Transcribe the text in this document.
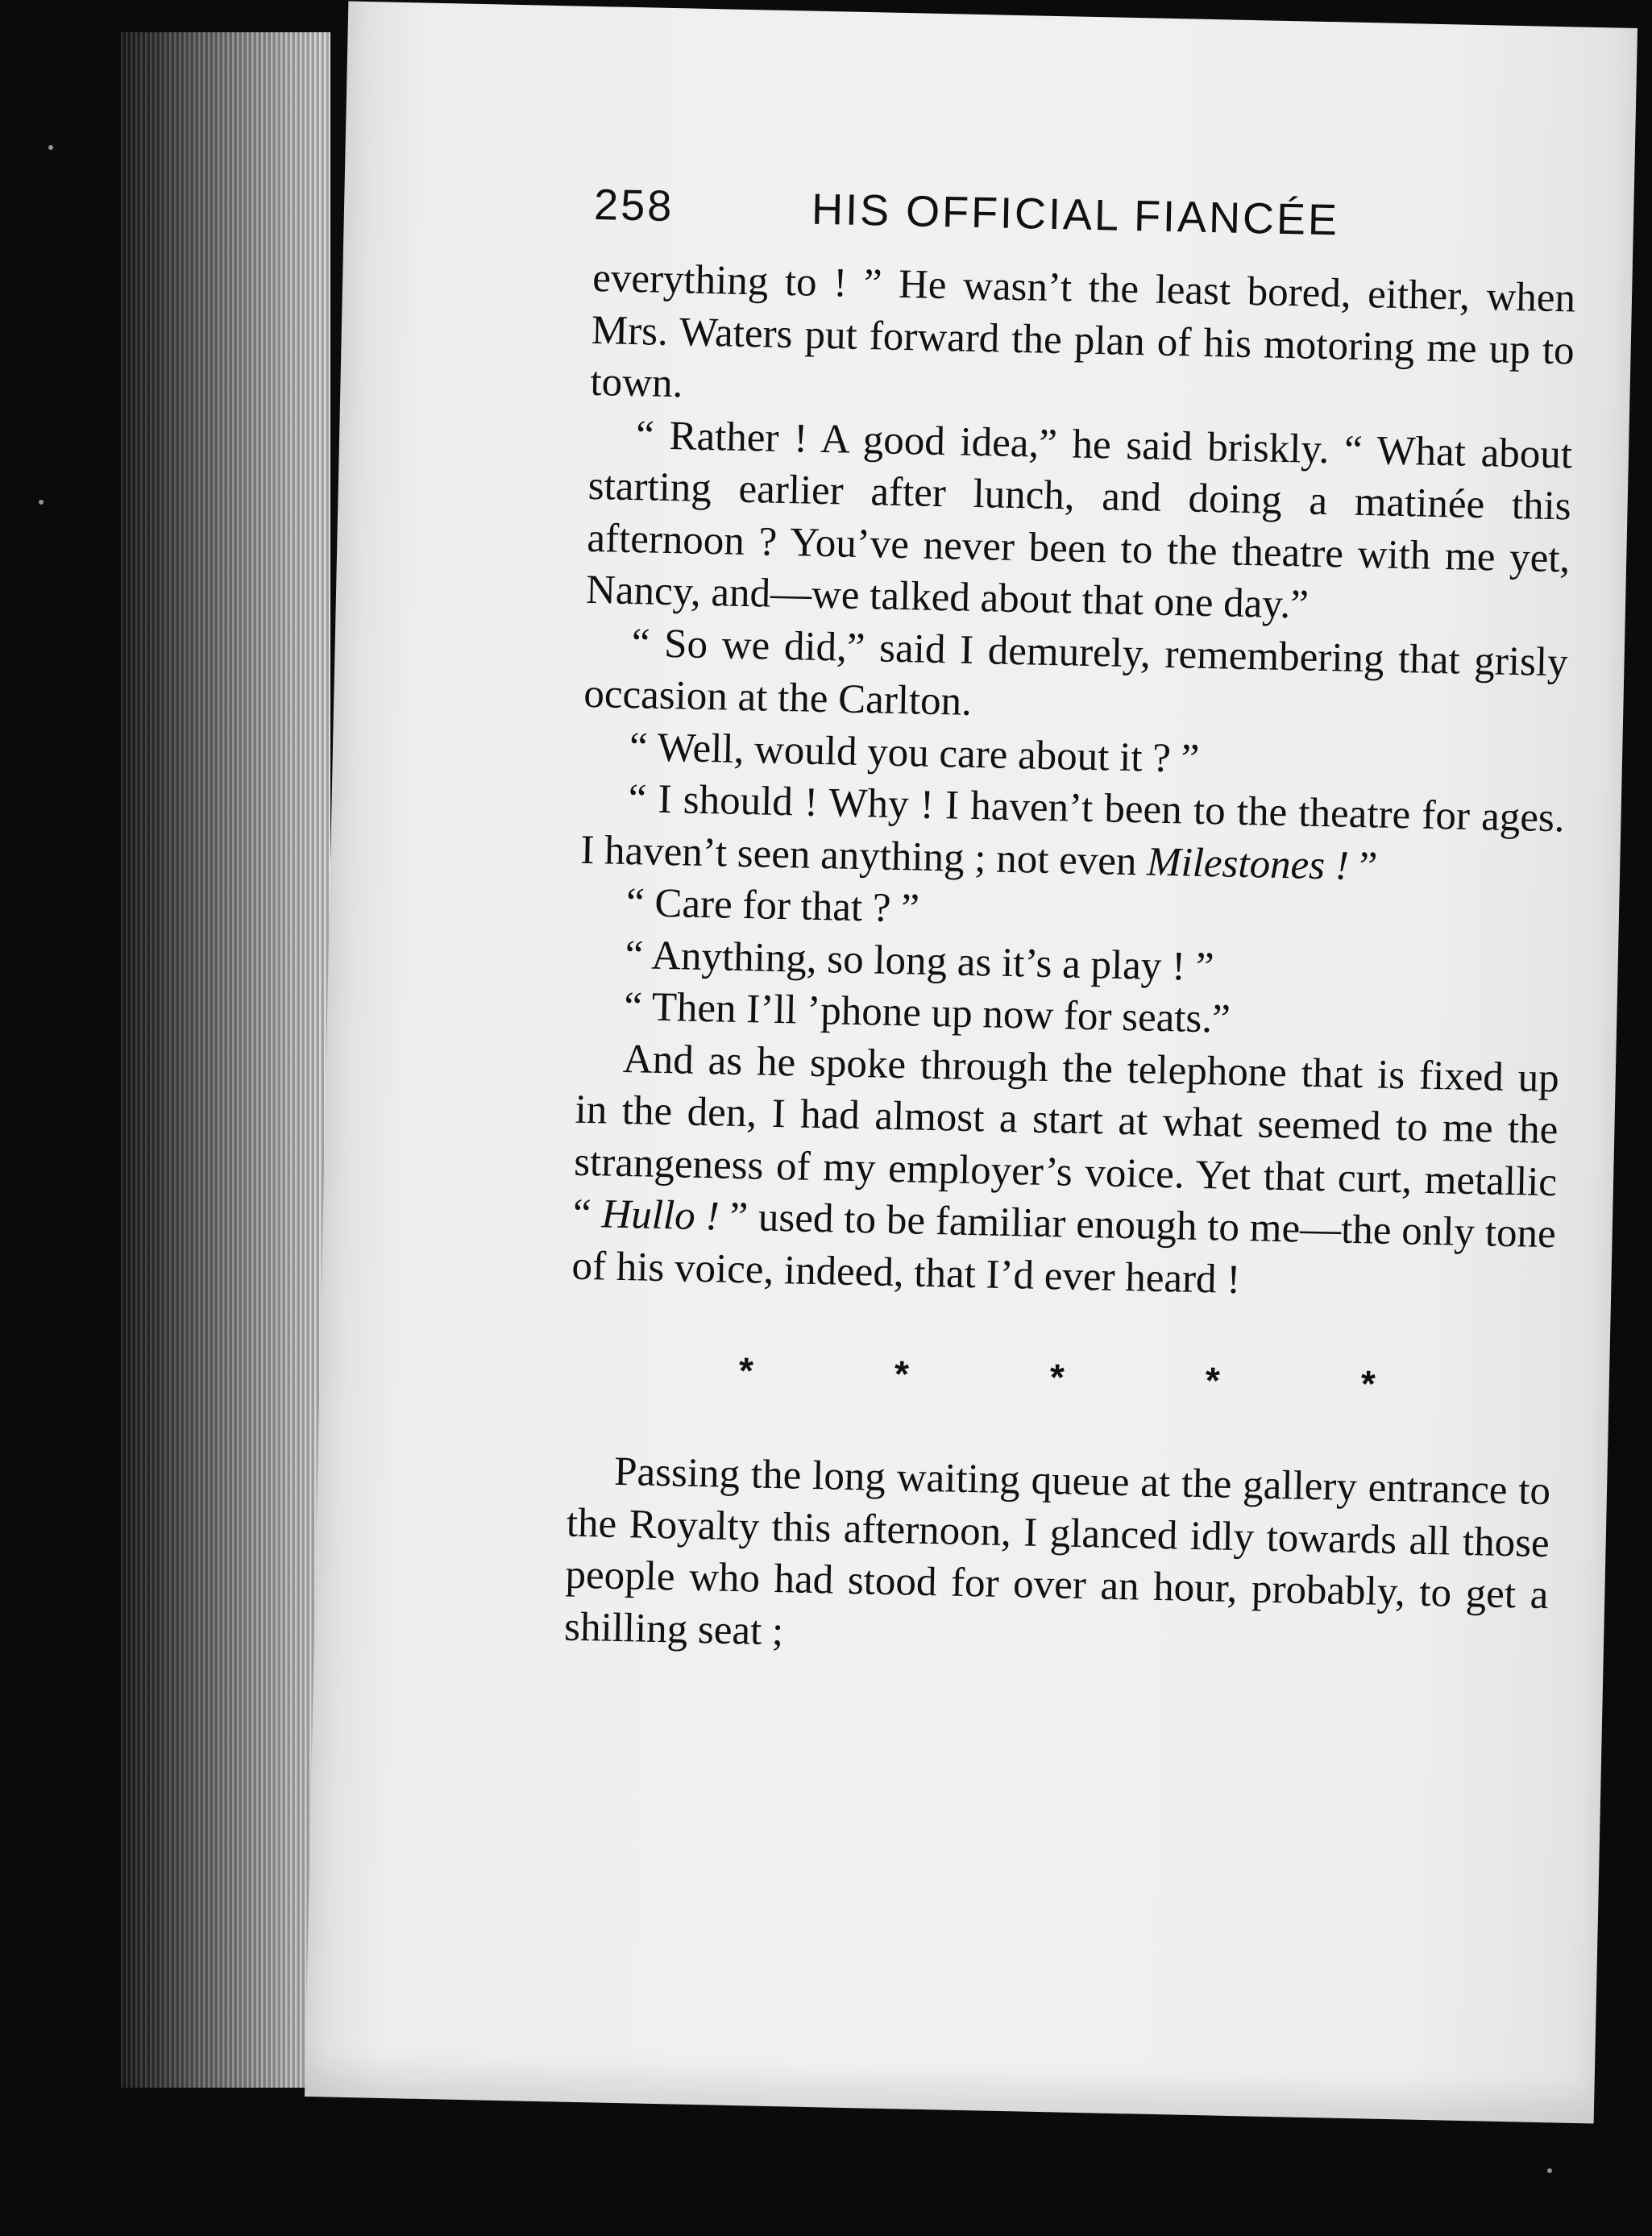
258	HIS OFFICIAL FIANCÉE

everything to ! ” He wasn’t the least bored, either, when Mrs. Waters put forward the plan of his motoring me up to town.

“ Rather ! A good idea,” he said briskly. “ What about starting earlier after lunch, and doing a matinée this afternoon ? You’ve never been to the theatre with me yet, Nancy, and—we talked about that one day.”

“ So we did,” said I demurely, remembering that grisly occasion at the Carlton.

“ Well, would you care about it ? ”

“ I should ! Why ! I haven’t been to the theatre for ages. I haven’t seen anything ; not even Milestones ! ”

“ Care for that ? ”

“ Anything, so long as it’s a play ! ”

“ Then I’ll ’phone up now for seats.”

And as he spoke through the telephone that is fixed up in the den, I had almost a start at what seemed to me the strangeness of my employer’s voice. Yet that curt, metallic “ Hullo ! ” used to be familiar enough to me—the only tone of his voice, indeed, that I’d ever heard !

*	*	*	*	*

Passing the long waiting queue at the gallery entrance to the Royalty this afternoon, I glanced idly towards all those people who had stood for over an hour, probably, to get a shilling seat ;
